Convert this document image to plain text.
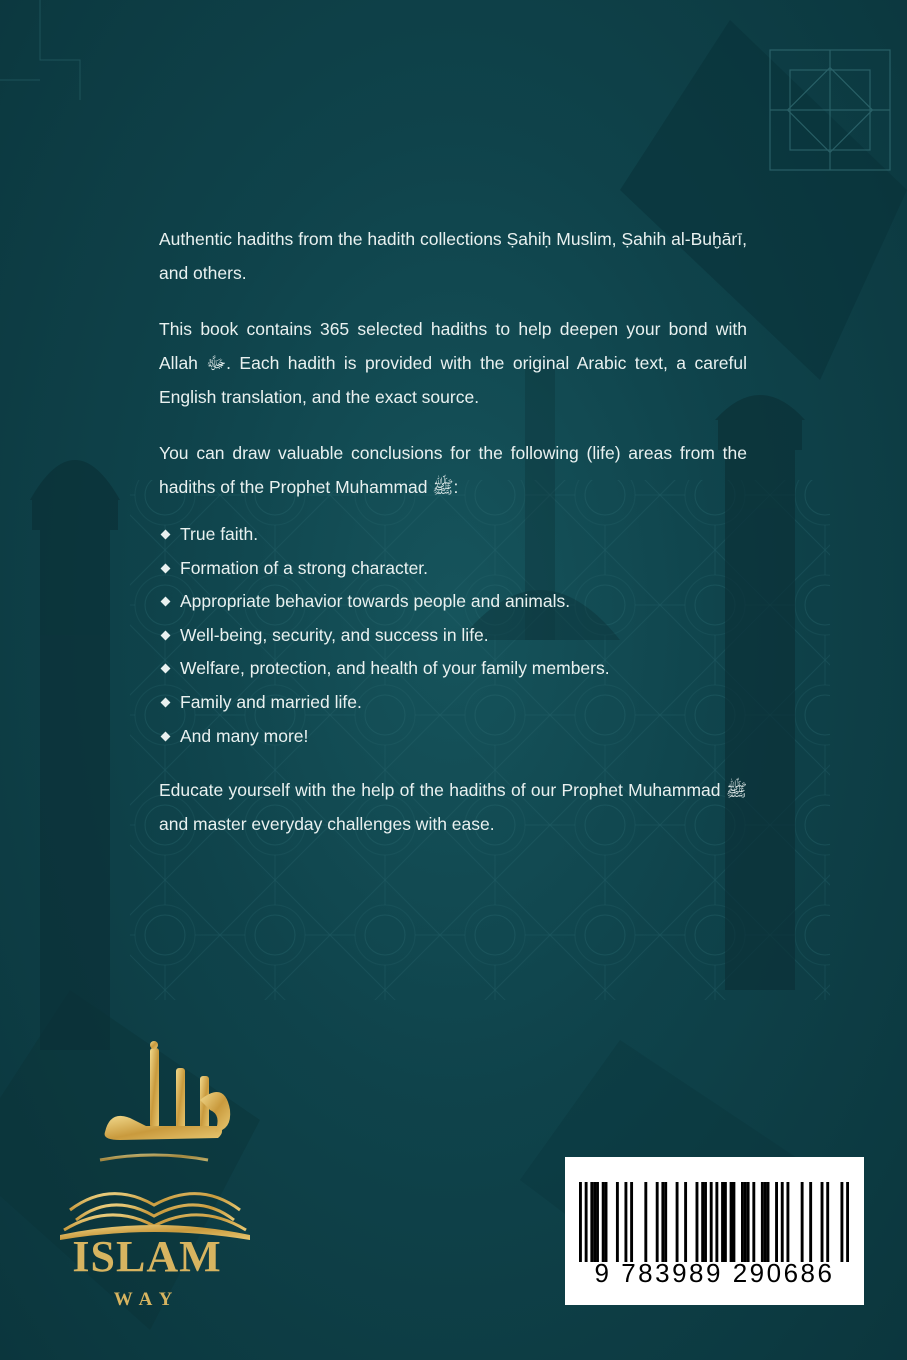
Authentic hadiths from the hadith collections Ṣahiḥ Muslim, Ṣahih al-Buḫārī, and others.

This book contains 365 selected hadiths to help deepen your bond with Allah ﷻ. Each hadith is provided with the original Arabic text, a careful English translation, and the exact source.

You can draw valuable conclusions for the following (life) areas from the hadiths of the Prophet Muhammad ﷺ:

True faith.
Formation of a strong character.
Appropriate behavior towards people and animals.
Well-being, security, and success in life.
Welfare, protection, and health of your family members.
Family and married life.
And many more!

Educate yourself with the help of the hadiths of our Prophet Muhammad ﷺ and master everyday challenges with ease.

ISLAM
WAY
9 783989 290686
